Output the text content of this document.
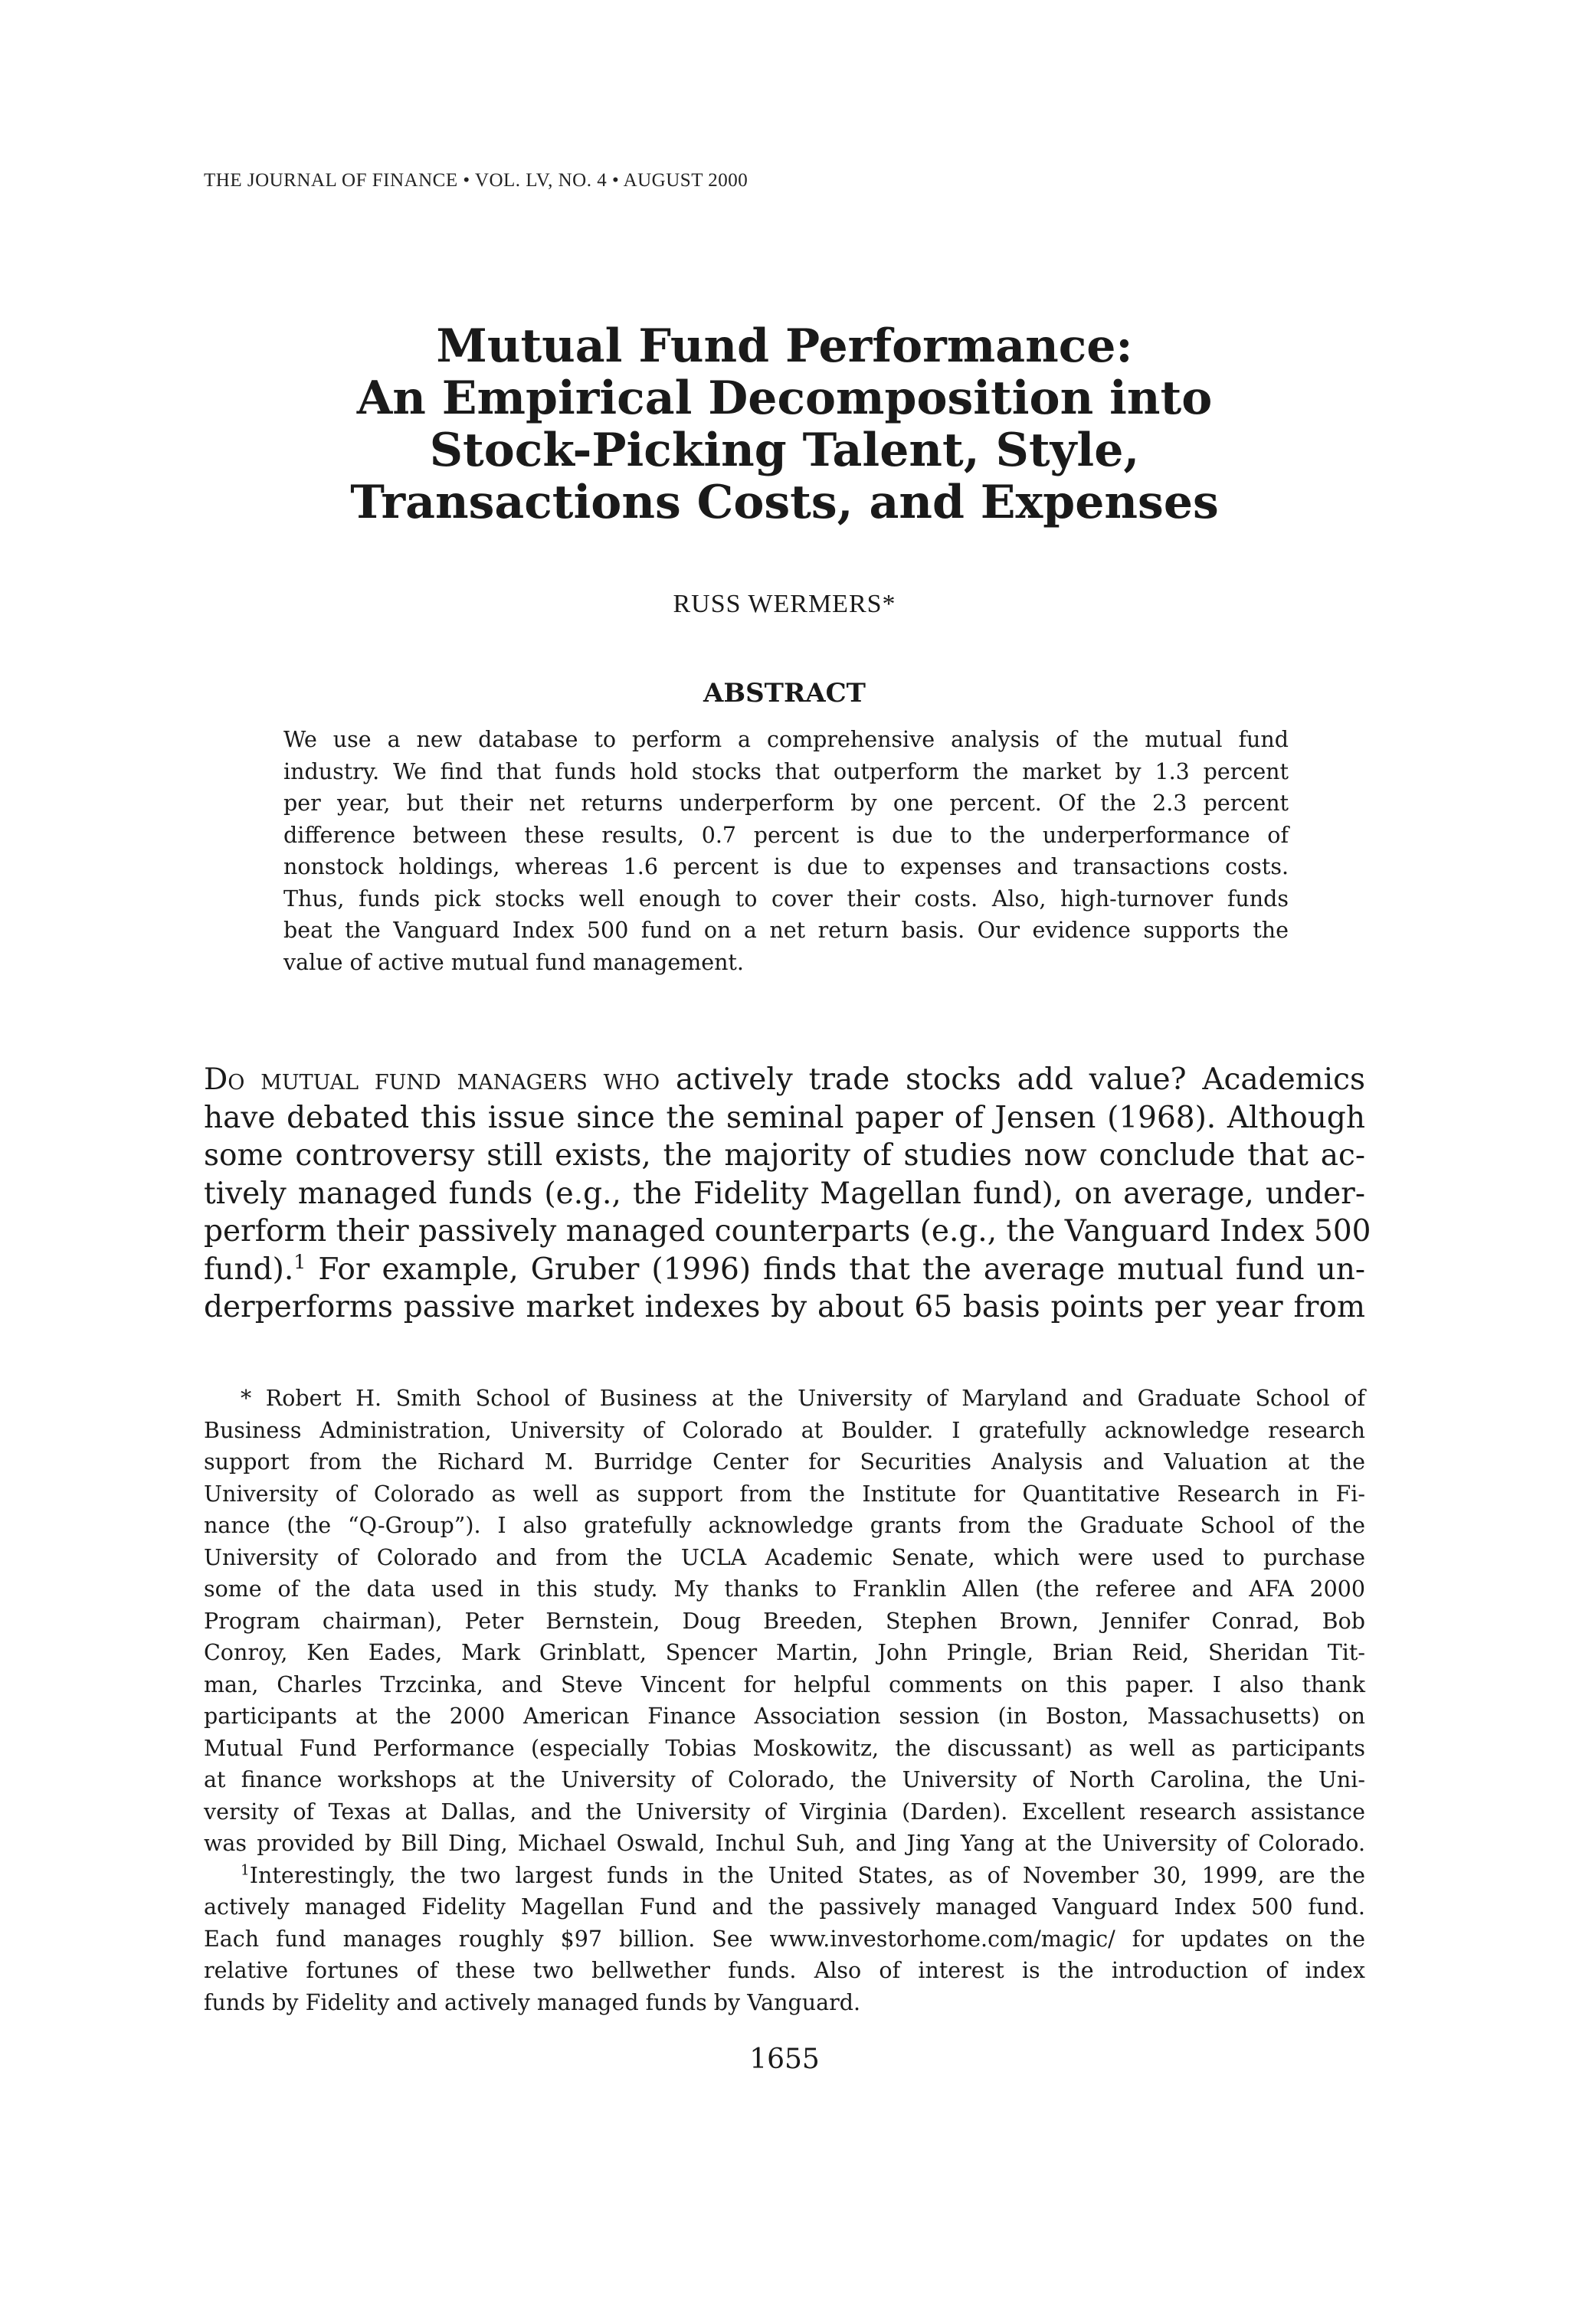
THE JOURNAL OF FINANCE • VOL. LV, NO. 4 • AUGUST 2000
Mutual Fund Performance:
An Empirical Decomposition into
Stock-Picking Talent, Style,
Transactions Costs, and Expenses
RUSS WERMERS*
ABSTRACT
We use a new database to perform a comprehensive analysis of the mutual fund
industry. We find that funds hold stocks that outperform the market by 1.3 percent
per year, but their net returns underperform by one percent. Of the 2.3 percent
difference between these results, 0.7 percent is due to the underperformance of
nonstock holdings, whereas 1.6 percent is due to expenses and transactions costs.
Thus, funds pick stocks well enough to cover their costs. Also, high-turnover funds
beat the Vanguard Index 500 fund on a net return basis. Our evidence supports the
value of active mutual fund management.
Do mutual fund managers who actively trade stocks add value? Academics
have debated this issue since the seminal paper of Jensen (1968). Although
some controversy still exists, the majority of studies now conclude that ac-
tively managed funds (e.g., the Fidelity Magellan fund), on average, under-
perform their passively managed counterparts (e.g., the Vanguard Index 500
fund).$^1$ For example, Gruber (1996) finds that the average mutual fund un-
derperforms passive market indexes by about 65 basis points per year from
* Robert H. Smith School of Business at the University of Maryland and Graduate School of
Business Administration, University of Colorado at Boulder. I gratefully acknowledge research
support from the Richard M. Burridge Center for Securities Analysis and Valuation at the
University of Colorado as well as support from the Institute for Quantitative Research in Fi-
nance (the “Q-Group”). I also gratefully acknowledge grants from the Graduate School of the
University of Colorado and from the UCLA Academic Senate, which were used to purchase
some of the data used in this study. My thanks to Franklin Allen (the referee and AFA 2000
Program chairman), Peter Bernstein, Doug Breeden, Stephen Brown, Jennifer Conrad, Bob
Conroy, Ken Eades, Mark Grinblatt, Spencer Martin, John Pringle, Brian Reid, Sheridan Tit-
man, Charles Trzcinka, and Steve Vincent for helpful comments on this paper. I also thank
participants at the 2000 American Finance Association session (in Boston, Massachusetts) on
Mutual Fund Performance (especially Tobias Moskowitz, the discussant) as well as participants
at finance workshops at the University of Colorado, the University of North Carolina, the Uni-
versity of Texas at Dallas, and the University of Virginia (Darden). Excellent research assistance
was provided by Bill Ding, Michael Oswald, Inchul Suh, and Jing Yang at the University of Colorado.
$^1$Interestingly, the two largest funds in the United States, as of November 30, 1999, are the
actively managed Fidelity Magellan Fund and the passively managed Vanguard Index 500 fund.
Each fund manages roughly $97 billion. See www.investorhome.com/magic/ for updates on the
relative fortunes of these two bellwether funds. Also of interest is the introduction of index
funds by Fidelity and actively managed funds by Vanguard.
1655
